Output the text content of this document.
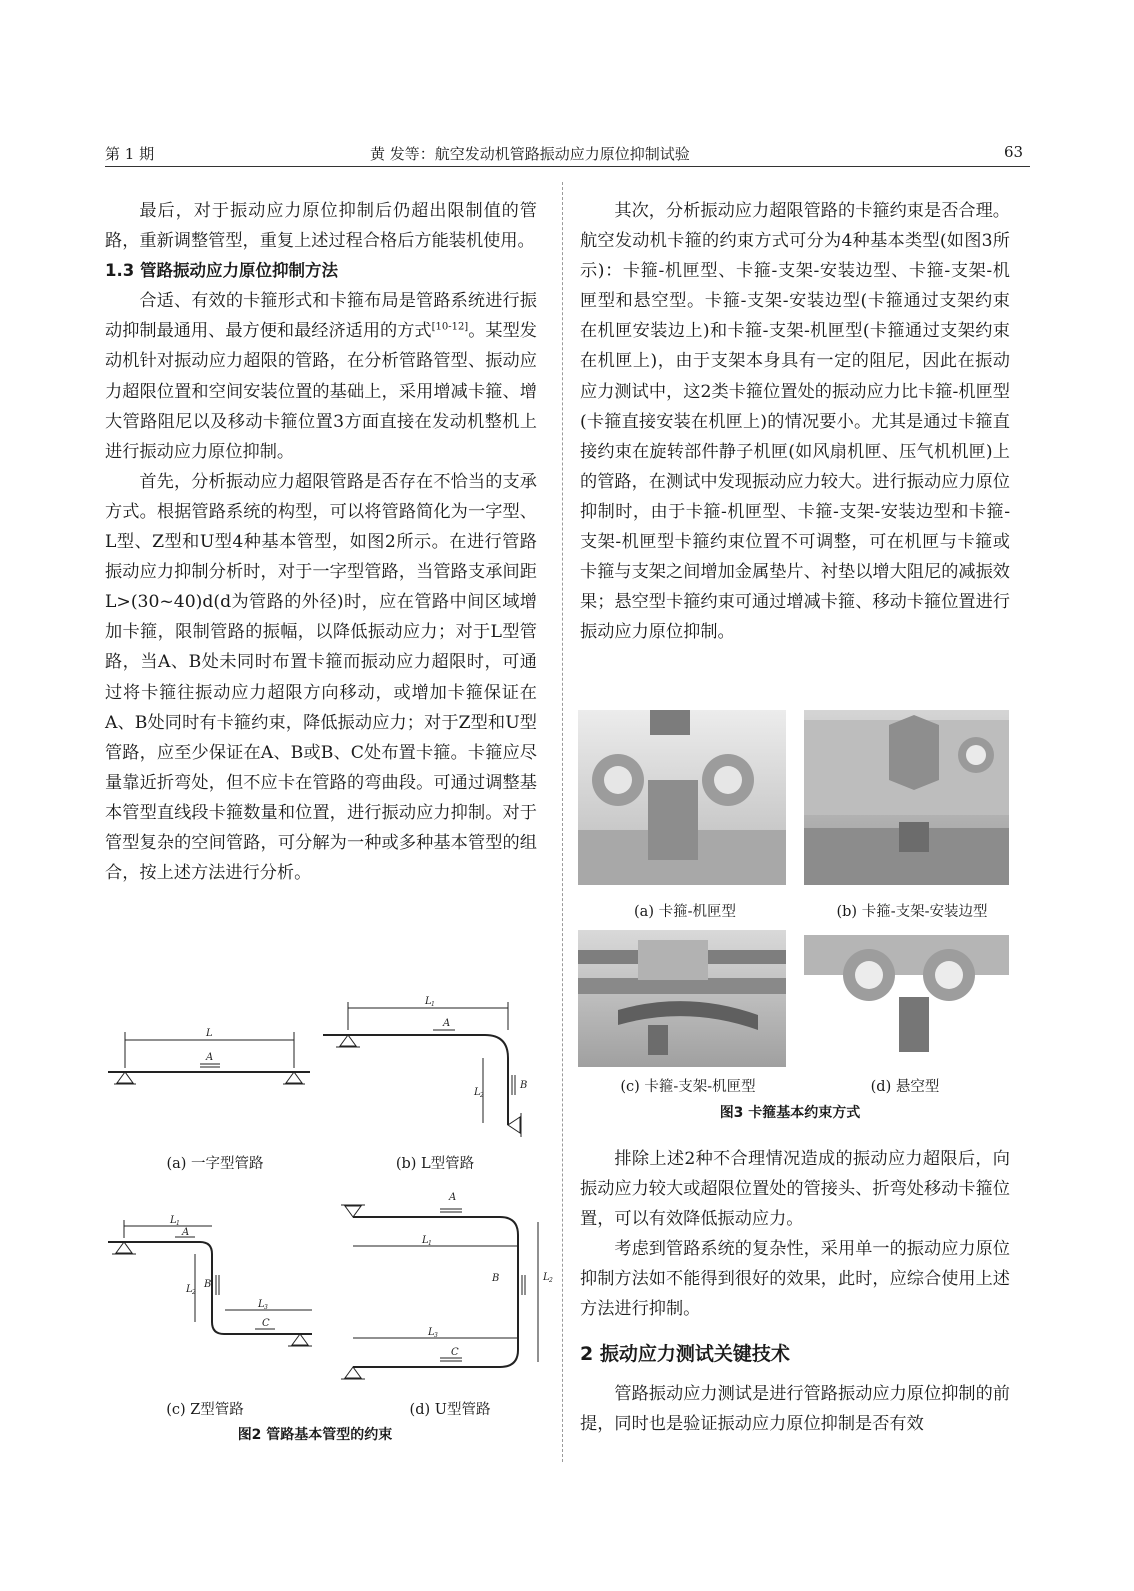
第 1 期	黄 发等：航空发动机管路振动应力原位抑制试验	63

最后，对于振动应力原位抑制后仍超出限制值的管路，重新调整管型，重复上述过程合格后方能装机使用。

1.3 管路振动应力原位抑制方法

合适、有效的卡箍形式和卡箍布局是管路系统进行振动抑制最通用、最方便和最经济适用的方式[10-12]。某型发动机针对振动应力超限的管路，在分析管路管型、振动应力超限位置和空间安装位置的基础上，采用增减卡箍、增大管路阻尼以及移动卡箍位置3方面直接在发动机整机上进行振动应力原位抑制。

首先，分析振动应力超限管路是否存在不恰当的支承方式。根据管路系统的构型，可以将管路简化为一字型、L型、Z型和U型4种基本管型，如图2所示。在进行管路振动应力抑制分析时，对于一字型管路，当管路支承间距L>(30~40)d(d为管路的外径)时，应在管路中间区域增加卡箍，限制管路的振幅，以降低振动应力；对于L型管路，当A、B处未同时布置卡箍而振动应力超限时，可通过将卡箍往振动应力超限方向移动，或增加卡箍保证在A、B处同时有卡箍约束，降低振动应力；对于Z型和U型管路，应至少保证在A、B或B、C处布置卡箍。卡箍应尽量靠近折弯处，但不应卡在管路的弯曲段。可通过调整基本管型直线段卡箍数量和位置，进行振动应力抑制。对于管型复杂的空间管路，可分解为一种或多种基本管型的组合，按上述方法进行分析。

L
A
L 1
A
B
L 2
L 1
A
B
L 2
L 3
C
A
L 1
B	L 2
L 3
C
(a) 一字型管路	(b) L型管路
(c) Z型管路	(d) U型管路
图2 管路基本管型的约束

其次，分析振动应力超限管路的卡箍约束是否合理。航空发动机卡箍的约束方式可分为4种基本类型(如图3所示)：卡箍-机匣型、卡箍-支架-安装边型、卡箍-支架-机匣型和悬空型。卡箍-支架-安装边型(卡箍通过支架约束在机匣安装边上)和卡箍-支架-机匣型(卡箍通过支架约束在机匣上)，由于支架本身具有一定的阻尼，因此在振动应力测试中，这2类卡箍位置处的振动应力比卡箍-机匣型(卡箍直接安装在机匣上)的情况要小。尤其是通过卡箍直接约束在旋转部件静子机匣(如风扇机匣、压气机机匣)上的管路，在测试中发现振动应力较大。进行振动应力原位抑制时，由于卡箍-机匣型、卡箍-支架-安装边型和卡箍-支架-机匣型卡箍约束位置不可调整，可在机匣与卡箍或卡箍与支架之间增加金属垫片、衬垫以增大阻尼的减振效果；悬空型卡箍约束可通过增减卡箍、移动卡箍位置进行振动应力原位抑制。

(a) 卡箍-机匣型	(b) 卡箍-支架-安装边型
(c) 卡箍-支架-机匣型	(d) 悬空型
图3 卡箍基本约束方式

排除上述2种不合理情况造成的振动应力超限后，向振动应力较大或超限位置处的管接头、折弯处移动卡箍位置，可以有效降低振动应力。

考虑到管路系统的复杂性，采用单一的振动应力原位抑制方法如不能得到很好的效果，此时，应综合使用上述方法进行抑制。

2 振动应力测试关键技术

管路振动应力测试是进行管路振动应力原位抑制的前提，同时也是验证振动应力原位抑制是否有效
